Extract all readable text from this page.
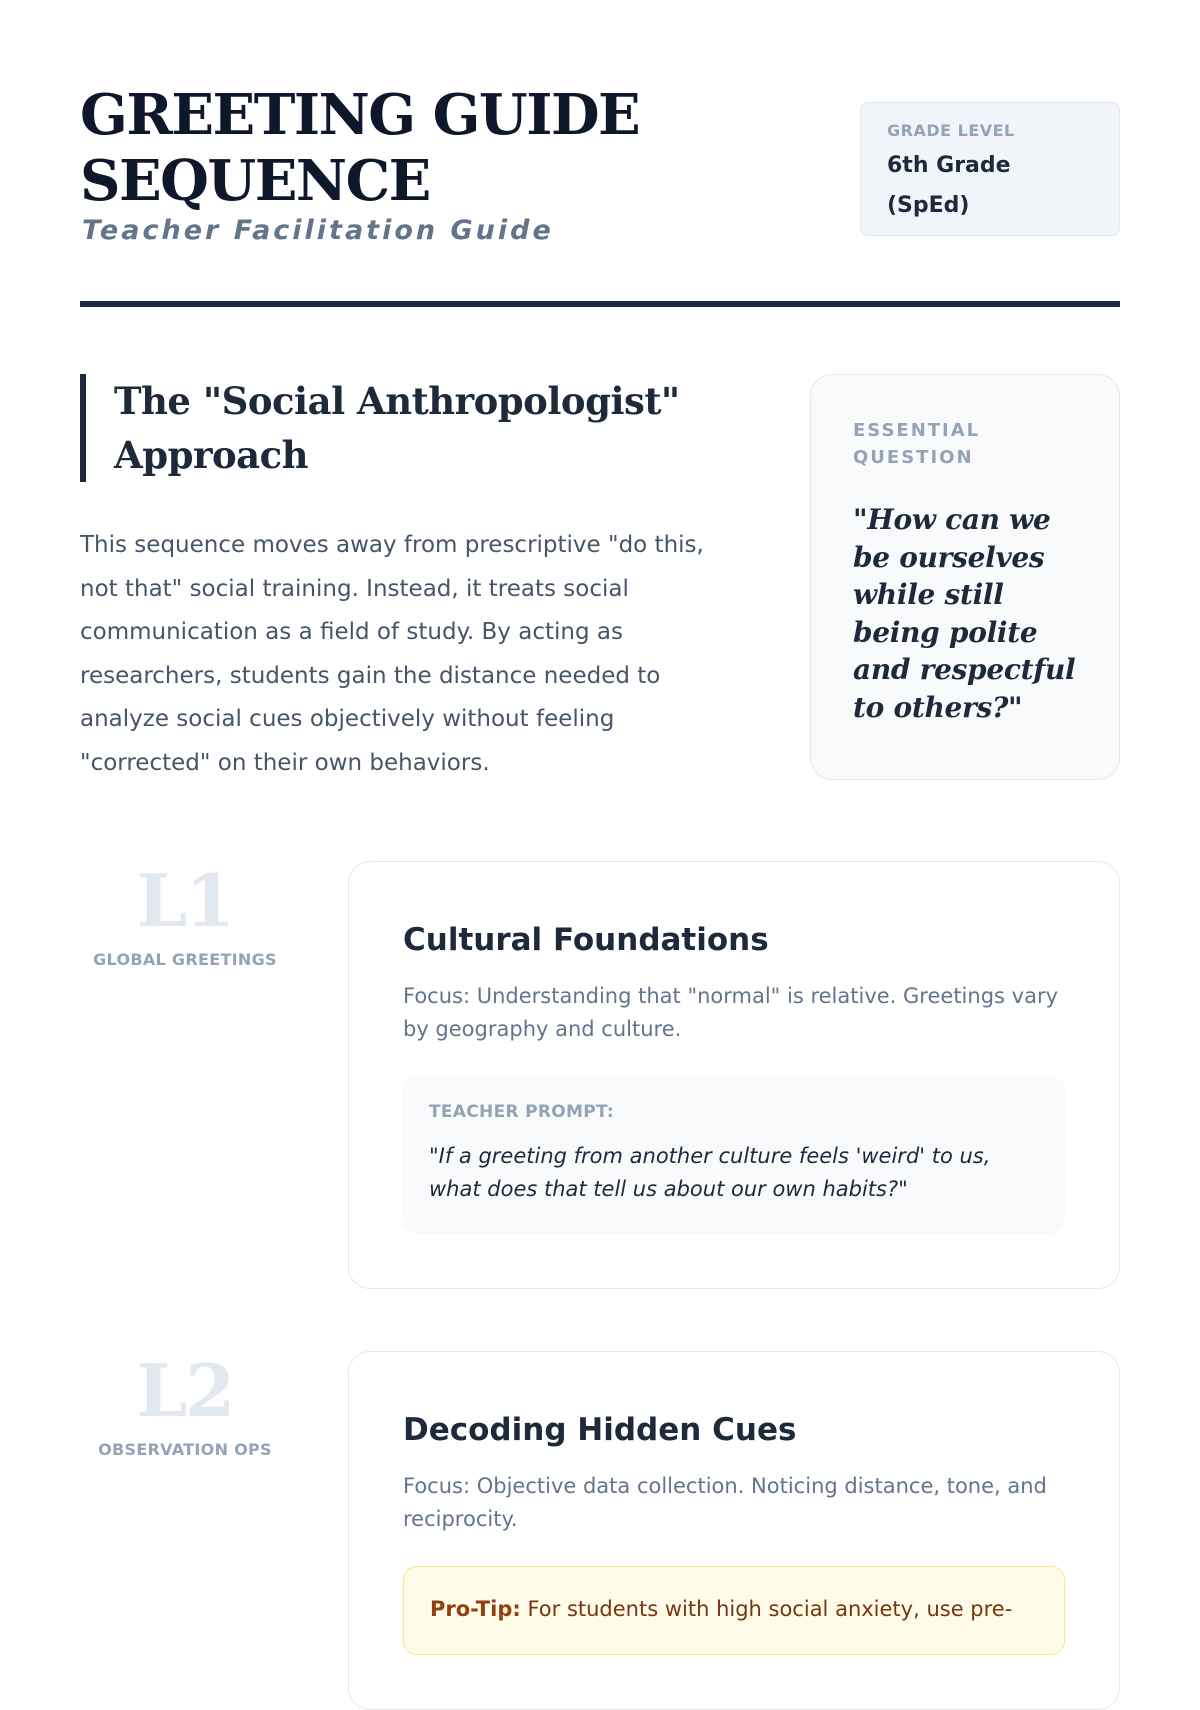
GREETING GUIDE
SEQUENCE
Teacher Facilitation Guide
GRADE LEVEL
6th Grade
(SpEd)
The "Social Anthropologist"
Approach

This sequence moves away from prescriptive "do this, not that" social training. Instead, it treats social communication as a field of study. By acting as researchers, students gain the distance needed to analyze social cues objectively without feeling "corrected" on their own behaviors.

ESSENTIAL QUESTION
"How can we be ourselves while still being polite and respectful to others?"
L1
GLOBAL GREETINGS
Cultural Foundations

Focus: Understanding that "normal" is relative. Greetings vary by geography and culture.

TEACHER PROMPT:
"If a greeting from another culture feels 'weird' to us, what does that tell us about our own habits?"
L2
OBSERVATION OPS
Decoding Hidden Cues

Focus: Objective data collection. Noticing distance, tone, and reciprocity.

Pro-Tip: For students with high social anxiety, use pre-
